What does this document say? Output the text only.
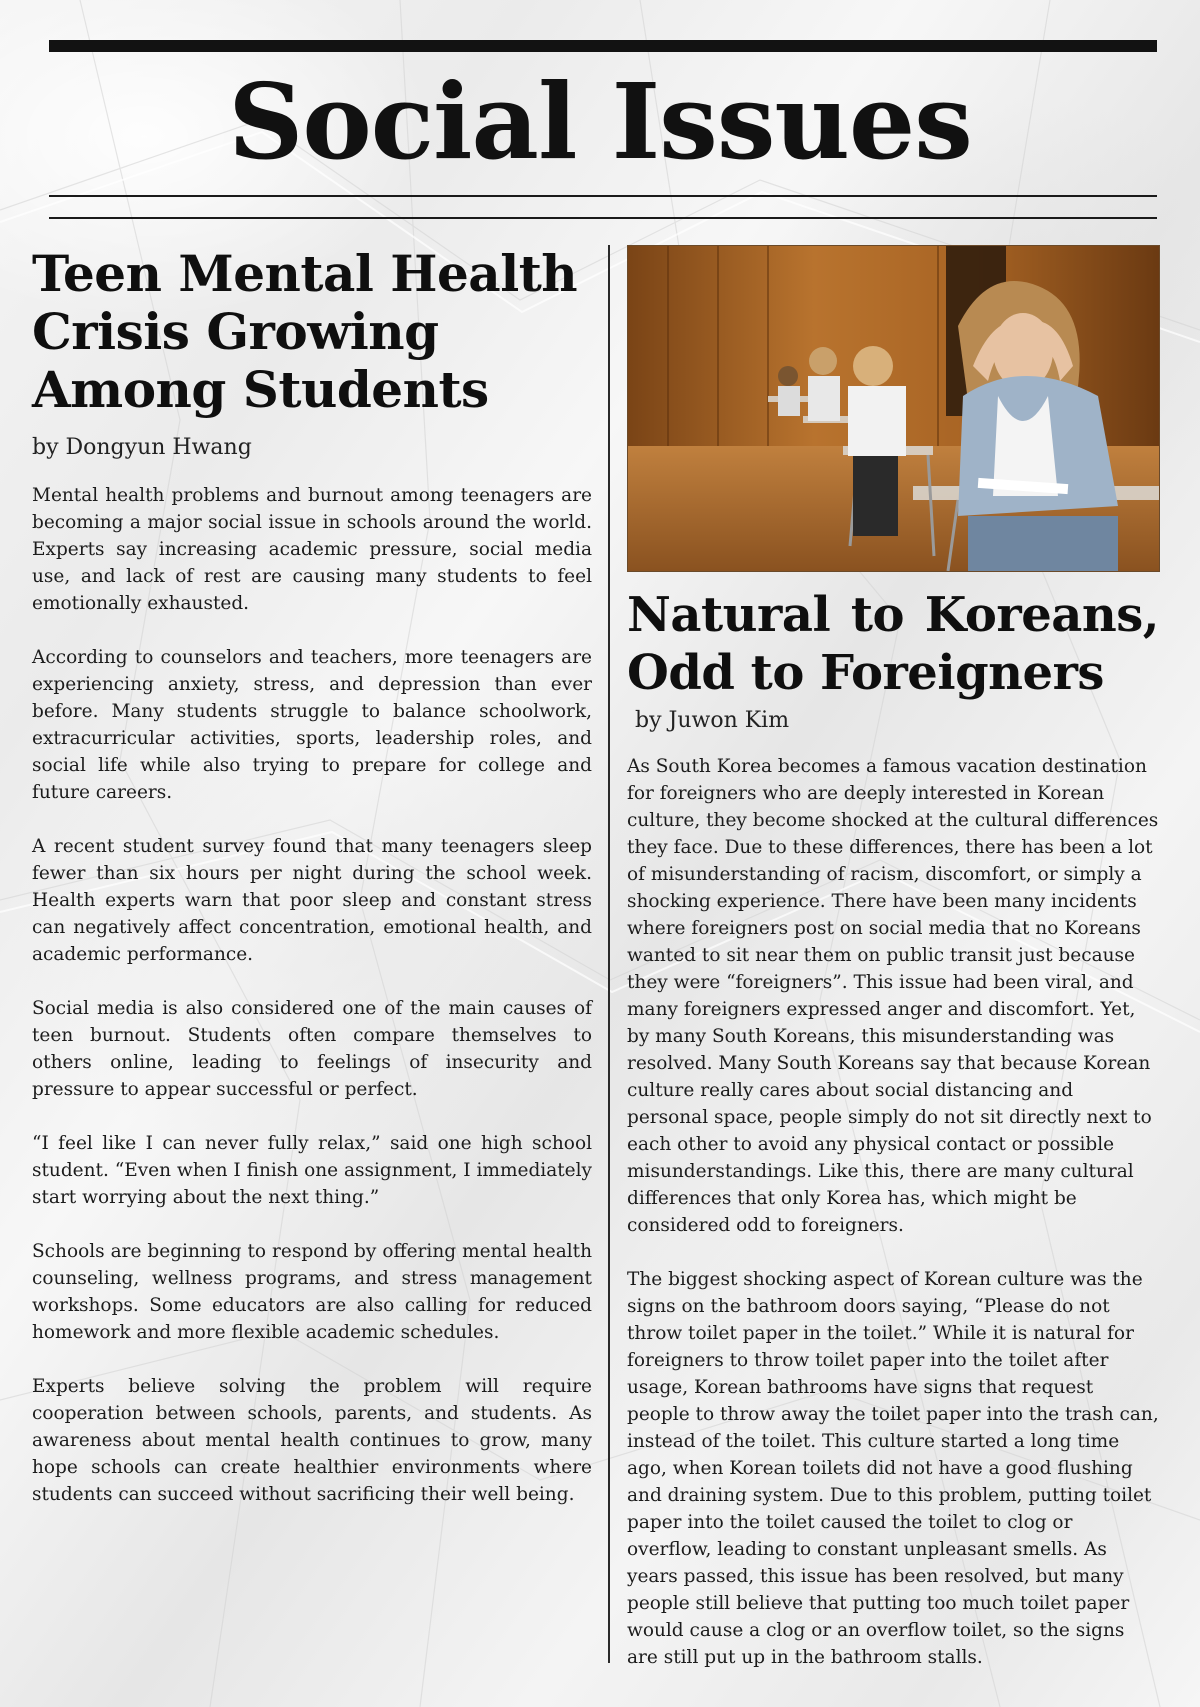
Social Issues
Teen Mental Health
Crisis Growing
Among Students
by Dongyun Hwang

Mental health problems and burnout among teenagers are becoming a major social issue in schools around the world. Experts say increasing academic pressure, social media use, and lack of rest are causing many students to feel emotionally exhausted.

According to counselors and teachers, more teenagers are experiencing anxiety, stress, and depression than ever before. Many students struggle to balance schoolwork, extracurricular activities, sports, leadership roles, and social life while also trying to prepare for college and future careers.

A recent student survey found that many teenagers sleep fewer than six hours per night during the school week. Health experts warn that poor sleep and constant stress can negatively affect concentration, emotional health, and academic performance.

Social media is also considered one of the main causes of teen burnout. Students often compare themselves to others online, leading to feelings of insecurity and pressure to appear successful or perfect.

“I feel like I can never fully relax,” said one high school student. “Even when I finish one assignment, I immediately start worrying about the next thing.”

Schools are beginning to respond by offering mental health counseling, wellness programs, and stress management workshops. Some educators are also calling for reduced homework and more flexible academic schedules.

Experts believe solving the problem will require cooperation between schools, parents, and students. As awareness about mental health continues to grow, many hope schools can create healthier environments where students can succeed without sacrificing their well being.

Natural to Koreans,
Odd to Foreigners
by Juwon Kim

As South Korea becomes a famous vacation destination for foreigners who are deeply interested in Korean culture, they become shocked at the cultural differences they face. Due to these differences, there has been a lot of misunderstanding of racism, discomfort, or simply a shocking experience. There have been many incidents where foreigners post on social media that no Koreans wanted to sit near them on public transit just because they were “foreigners”. This issue had been viral, and many foreigners expressed anger and discomfort. Yet, by many South Koreans, this misunderstanding was resolved. Many South Koreans say that because Korean culture really cares about social distancing and personal space, people simply do not sit directly next to each other to avoid any physical contact or possible misunderstandings. Like this, there are many cultural differences that only Korea has, which might be considered odd to foreigners.

The biggest shocking aspect of Korean culture was the signs on the bathroom doors saying, “Please do not throw toilet paper in the toilet.” While it is natural for foreigners to throw toilet paper into the toilet after usage, Korean bathrooms have signs that request people to throw away the toilet paper into the trash can, instead of the toilet. This culture started a long time ago, when Korean toilets did not have a good flushing and draining system. Due to this problem, putting toilet paper into the toilet caused the toilet to clog or overflow, leading to constant unpleasant smells. As years passed, this issue has been resolved, but many people still believe that putting too much toilet paper would cause a clog or an overflow toilet, so the signs are still put up in the bathroom stalls.
